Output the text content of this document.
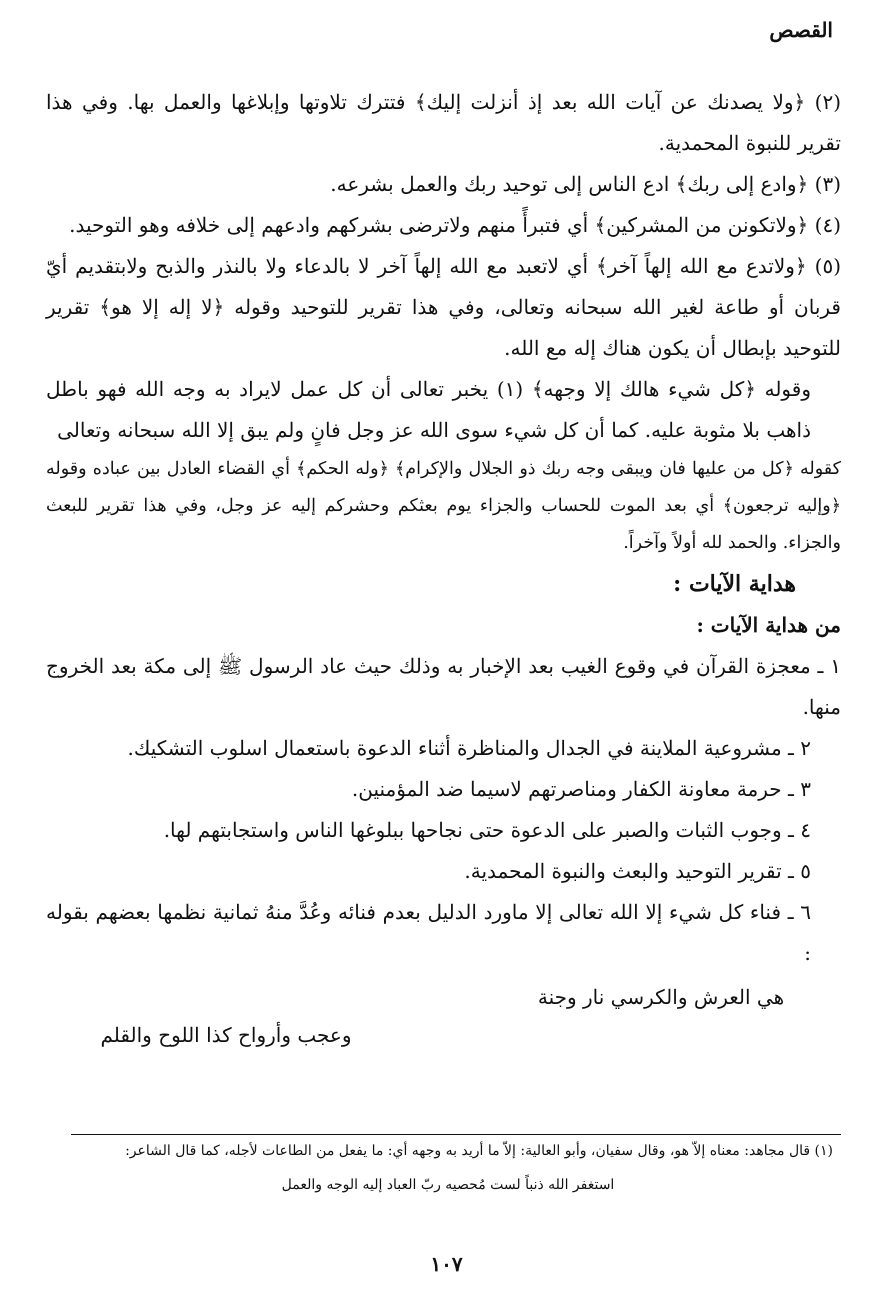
القصص

(٢) ﴿ولا يصدنك عن آيات الله بعد إذ أنزلت إليك﴾ فتترك تلاوتها وإبلاغها والعمل بها. وفي هذا تقرير للنبوة المحمدية.

(٣) ﴿وادع إلى ربك﴾ ادع الناس إلى توحيد ربك والعمل بشرعه.

(٤) ﴿ولاتكونن من المشركين﴾ أي فتبرأً منهم ولاترضى بشركهم وادعهم إلى خلافه وهو التوحيد.

(٥) ﴿ولاتدع مع الله إلهاً آخر﴾ أي لاتعبد مع الله إلهاً آخر لا بالدعاء ولا بالنذر والذبح ولابتقديم أيّ قربان أو طاعة لغير الله سبحانه وتعالى، وفي هذا تقرير للتوحيد وقوله ﴿لا إله إلا هو﴾ تقرير للتوحيد بإبطال أن يكون هناك إله مع الله.

وقوله ﴿كل شيء هالك إلا وجهه﴾ (١) يخبر تعالى أن كل عمل لايراد به وجه الله فهو باطل ذاهب بلا مثوبة عليه. كما أن كل شيء سوى الله عز وجل فانٍ ولم يبق إلا الله سبحانه وتعالى

كقوله ﴿كل من عليها فان ويبقى وجه ربك ذو الجلال والإكرام﴾ ﴿وله الحكم﴾ أي القضاء العادل بين عباده وقوله ﴿وإليه ترجعون﴾ أي بعد الموت للحساب والجزاء يوم بعثكم وحشركم إليه عز وجل، وفي هذا تقرير للبعث والجزاء. والحمد لله أولاً وآخراً.

هداية الآيات :

من هداية الآيات :

١ ـ معجزة القرآن في وقوع الغيب بعد الإخبار به وذلك حيث عاد الرسول ﷺ إلى مكة بعد الخروج منها.

٢ ـ مشروعية الملاينة في الجدال والمناظرة أثناء الدعوة باستعمال اسلوب التشكيك.

٣ ـ حرمة معاونة الكفار ومناصرتهم لاسيما ضد المؤمنين.

٤ ـ وجوب الثبات والصبر على الدعوة حتى نجاحها ببلوغها الناس واستجابتهم لها.

٥ ـ تقرير التوحيد والبعث والنبوة المحمدية.

٦ ـ فناء كل شيء إلا الله تعالى إلا ماورد الدليل بعدم فنائه وعُدَّ منهُ ثمانية نظمها بعضهم بقوله :

هي العرش والكرسي نار وجنة
وعجب وأرواح كذا اللوح والقلم

(١) قال مجاهد: معناه إلاّ هو، وقال سفيان، وأبو العالية: إلاّ ما أريد به وجهه أي: ما يفعل من الطاعات لأجله، كما قال الشاعر:

استغفر الله ذنباً لست مُحصيه ربّ العباد إليه الوجه والعمل

١٠٧
